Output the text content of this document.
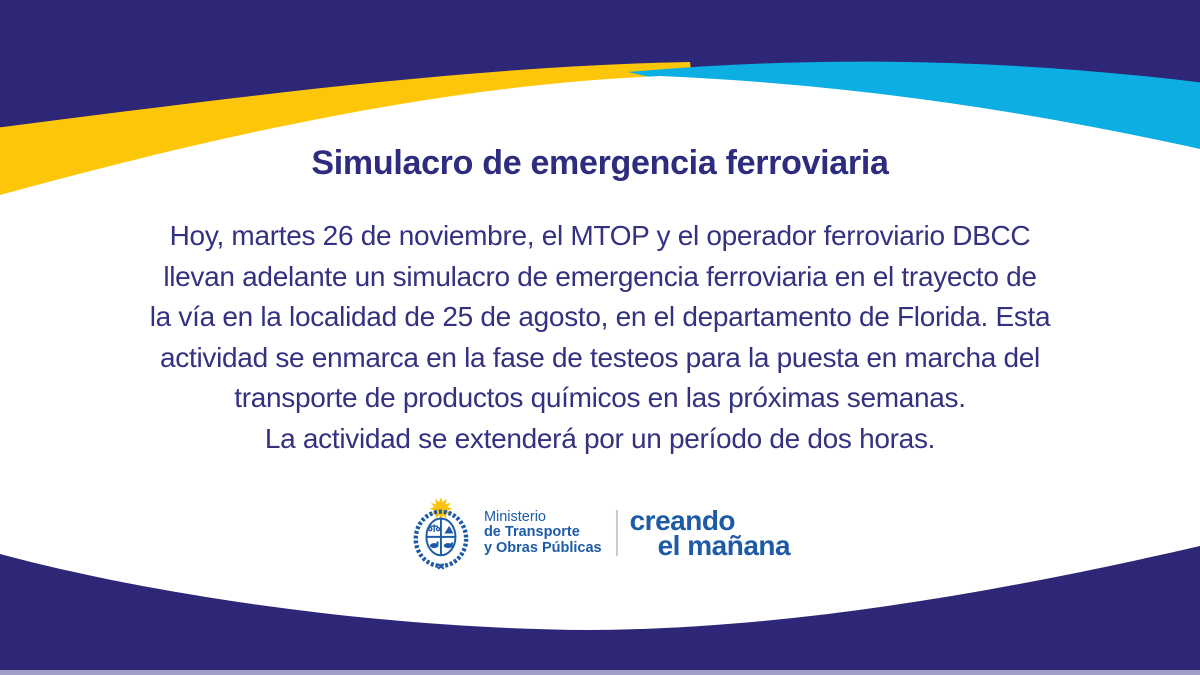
Simulacro de emergencia ferroviaria
Hoy, martes 26 de noviembre, el MTOP y el operador ferroviario DBCC
llevan adelante un simulacro de emergencia ferroviaria en el trayecto de
la vía en la localidad de 25 de agosto, en el departamento de Florida. Esta
actividad se enmarca en la fase de testeos para la puesta en marcha del
transporte de productos químicos en las próximas semanas.
La actividad se extenderá por un período de dos horas.
Ministerio
de Transporte
y Obras Públicas
creando
el mañana
